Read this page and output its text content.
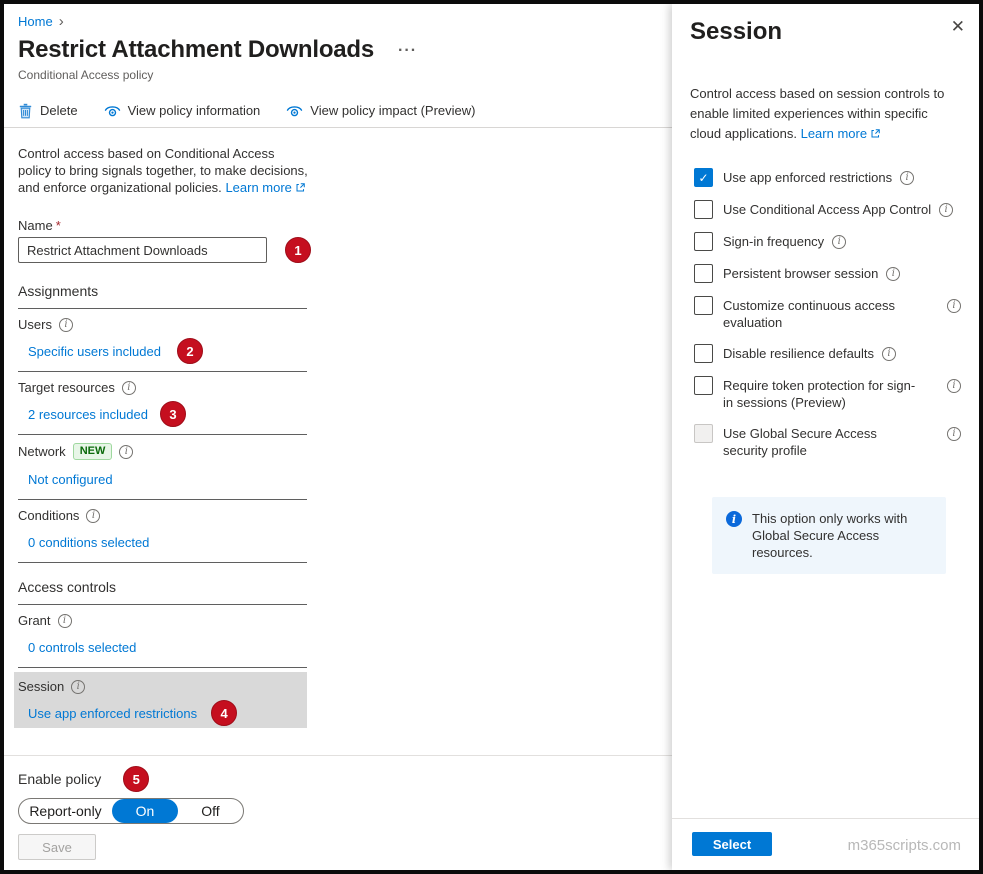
Home ›
Restrict Attachment Downloads ···
Conditional Access policy
Delete	View policy information	View policy impact (Preview)

Control access based on Conditional Access policy to bring signals together, to make decisions, and enforce organizational policies. Learn more

Name *
Restrict Attachment Downloads
1
Assignments
Users	i
Specific users included	2
Target resources	i
2 resources included	3
Network	NEW	i
Not configured
Conditions	i
0 conditions selected
Access controls
Grant	i
0 controls selected
Session	i
Use app enforced restrictions	4
Enable policy	5
Report-only	On	Off
Save
Session	✕

Control access based on session controls to enable limited experiences within specific cloud applications. Learn more

✓	Use app enforced restrictions	i
Use Conditional Access App Control	i
Sign-in frequency	i
Persistent browser session	i
Customize continuous access evaluation
i
Disable resilience defaults	i
Require token protection for sign-in sessions (Preview)
i
Use Global Secure Access security profile
i
i	This option only works with Global Secure Access resources.
Select	m365scripts.com
